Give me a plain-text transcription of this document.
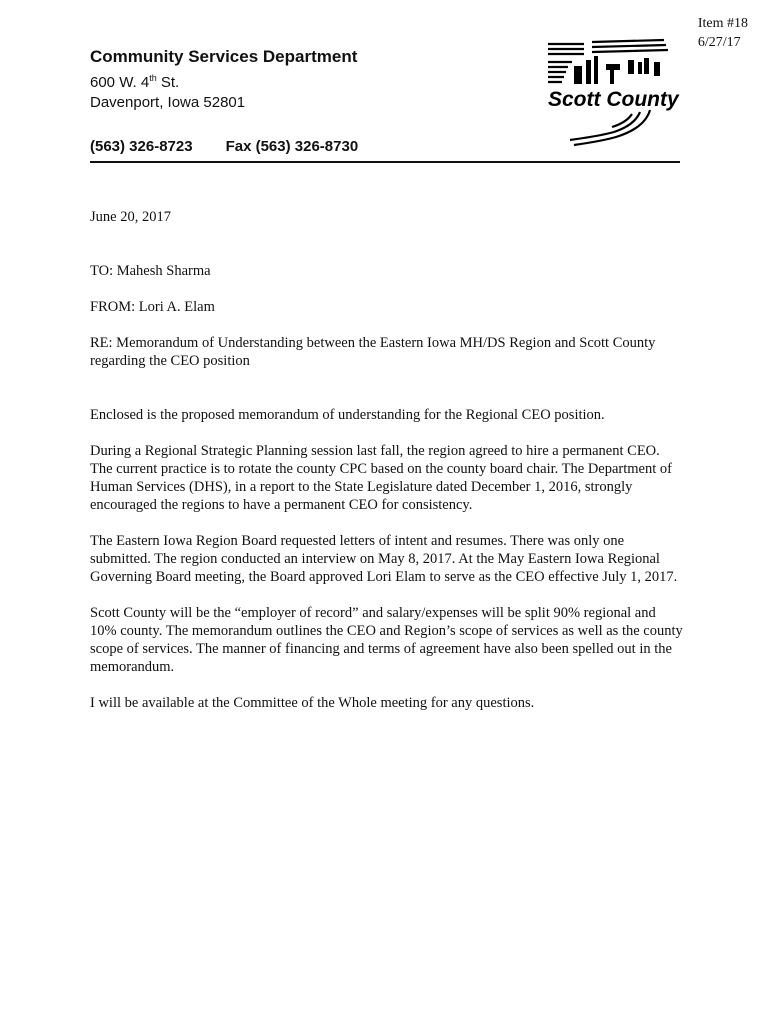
Item #18
6/27/17
Community Services Department
600 W. 4th St.
Davenport, Iowa 52801
(563) 326-8723 Fax (563) 326-8730
Scott County

June 20, 2017

TO: Mahesh Sharma

FROM: Lori A. Elam

RE: Memorandum of Understanding between the Eastern Iowa MH/DS Region and Scott County regarding the CEO position

Enclosed is the proposed memorandum of understanding for the Regional CEO position.

During a Regional Strategic Planning session last fall, the region agreed to hire a permanent CEO. The current practice is to rotate the county CPC based on the county board chair. The Department of Human Services (DHS), in a report to the State Legislature dated December 1, 2016, strongly encouraged the regions to have a permanent CEO for consistency.

The Eastern Iowa Region Board requested letters of intent and resumes. There was only one submitted. The region conducted an interview on May 8, 2017. At the May Eastern Iowa Regional Governing Board meeting, the Board approved Lori Elam to serve as the CEO effective July 1, 2017.

Scott County will be the “employer of record” and salary/expenses will be split 90% regional and 10% county. The memorandum outlines the CEO and Region’s scope of services as well as the county scope of services. The manner of financing and terms of agreement have also been spelled out in the memorandum.

I will be available at the Committee of the Whole meeting for any questions.
